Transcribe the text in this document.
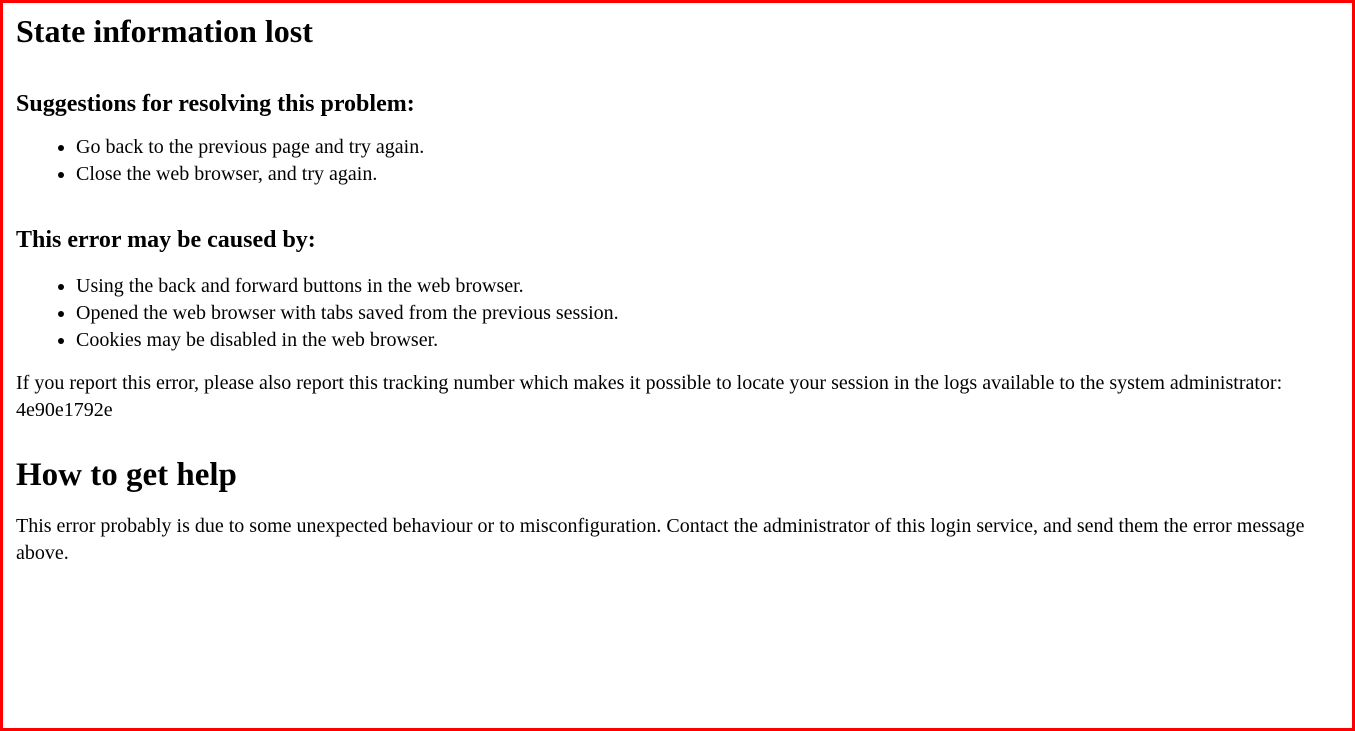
State information lost
Suggestions for resolving this problem:
• Go back to the previous page and try again.
• Close the web browser, and try again.
This error may be caused by:
• Using the back and forward buttons in the web browser.
• Opened the web browser with tabs saved from the previous session.
• Cookies may be disabled in the web browser.

If you report this error, please also report this tracking number which makes it possible to locate your session in the logs available to the system administrator: 4e90e1792e

How to get help

This error probably is due to some unexpected behaviour or to misconfiguration. Contact the administrator of this login service, and send them the error message above.
